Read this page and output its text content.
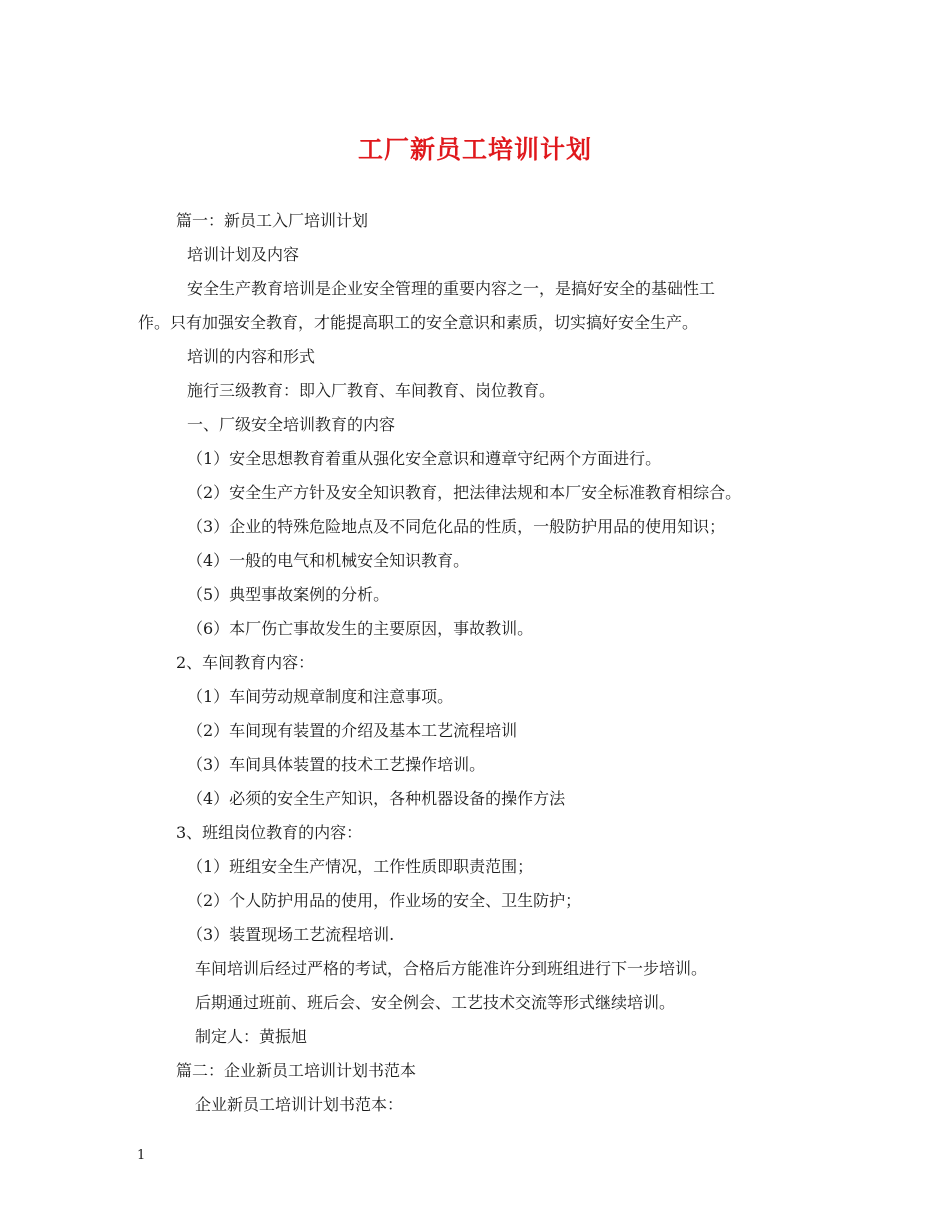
工厂新员工培训计划
篇一：新员工入厂培训计划
培训计划及内容
安全生产教育培训是企业安全管理的重要内容之一，是搞好安全的基础性工
作。只有加强安全教育，才能提高职工的安全意识和素质，切实搞好安全生产。
培训的内容和形式
施行三级教育：即入厂教育、车间教育、岗位教育。
一、厂级安全培训教育的内容
（1）安全思想教育着重从强化安全意识和遵章守纪两个方面进行。
（2）安全生产方针及安全知识教育，把法律法规和本厂安全标准教育相综合。
（3）企业的特殊危险地点及不同危化品的性质，一般防护用品的使用知识；
（4）一般的电气和机械安全知识教育。
（5）典型事故案例的分析。
（6）本厂伤亡事故发生的主要原因，事故教训。
2、车间教育内容：
（1）车间劳动规章制度和注意事项。
（2）车间现有装置的介绍及基本工艺流程培训
（3）车间具体装置的技术工艺操作培训。
（4）必须的安全生产知识，各种机器设备的操作方法
3、班组岗位教育的内容：
（1）班组安全生产情况，工作性质即职责范围；
（2）个人防护用品的使用，作业场的安全、卫生防护；
（3）装置现场工艺流程培训.
车间培训后经过严格的考试，合格后方能准许分到班组进行下一步培训。
后期通过班前、班后会、安全例会、工艺技术交流等形式继续培训。
制定人：黄振旭
篇二：企业新员工培训计划书范本
企业新员工培训计划书范本：
1
